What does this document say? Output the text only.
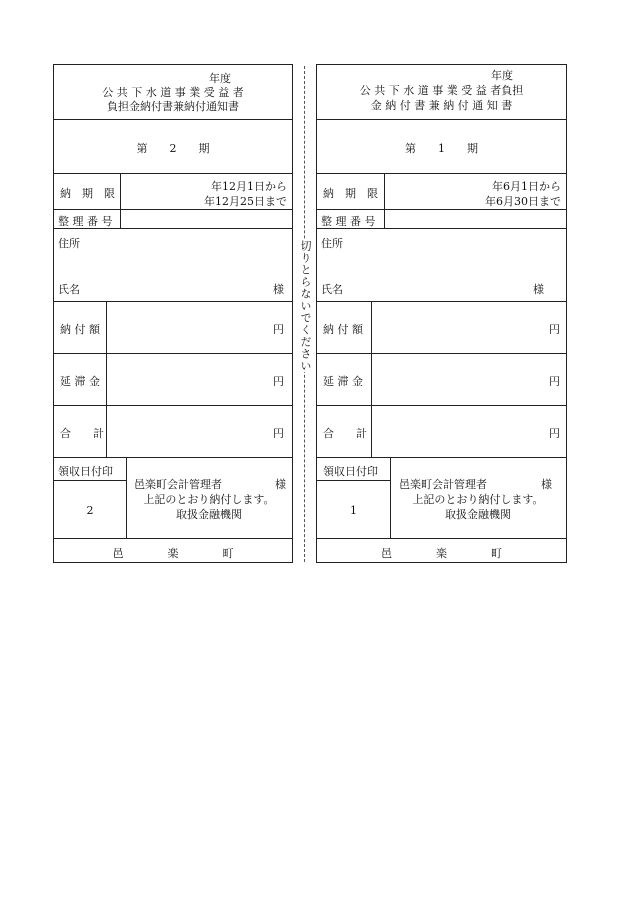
年度
公 共 下 水 道 事 業 受 益 者
負担金納付書兼納付通知書
第　　2　　期
納　期　限
年12月1日から
年12月25日まで
整 理 番 号
住所
氏名	様
納 付 額	円
延 滞 金	円
合　　計	円
領収日付印
2
邑楽町会計管理者	様
上記のとおり納付します。
取扱金融機関
邑　　　　楽　　　　町
切りとらないでください
年度
公 共 下 水 道 事 業 受 益 者負担
金 納 付 書 兼 納 付 通 知 書
第　　1　　期
納　期　限
年6月1日から
年6月30日まで
整 理 番 号
住所
氏名	様
納 付 額	円
延 滞 金	円
合　　計	円
領収日付印
1
邑楽町会計管理者	様
上記のとおり納付します。
取扱金融機関
邑　　　　楽　　　　町
